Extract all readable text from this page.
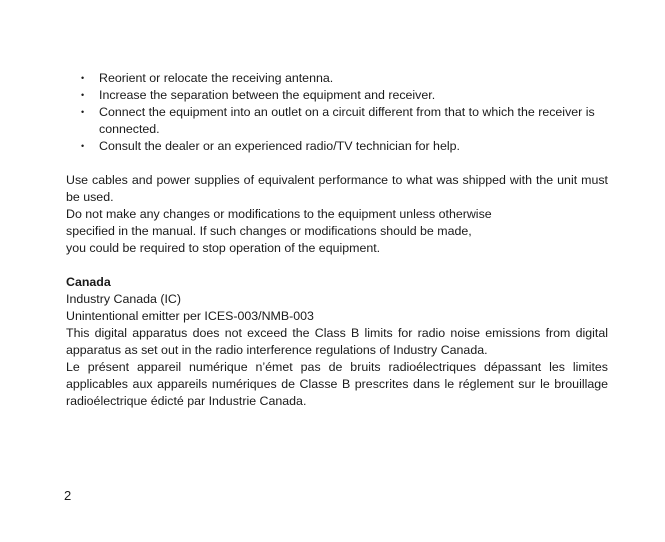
• Reorient or relocate the receiving antenna.
• Increase the separation between the equipment and receiver.
• Connect the equipment into an outlet on a circuit different from that to which the receiver is connected.
• Consult the dealer or an experienced radio/TV technician for help.

Use cables and power supplies of equivalent performance to what was shipped with the unit must be used.

Do not make any changes or modifications to the equipment unless otherwise

specified in the manual. If such changes or modifications should be made,

you could be required to stop operation of the equipment.

Canada

Industry Canada (IC)

Unintentional emitter per ICES-003/NMB-003

This digital apparatus does not exceed the Class B limits for radio noise emissions from digital apparatus as set out in the radio interference regulations of Industry Canada.

Le présent appareil numérique n’émet pas de bruits radioélectriques dépassant les limites applicables aux appareils numériques de Classe B prescrites dans le réglement sur le brouillage radioélectrique édicté par Industrie Canada.

2
